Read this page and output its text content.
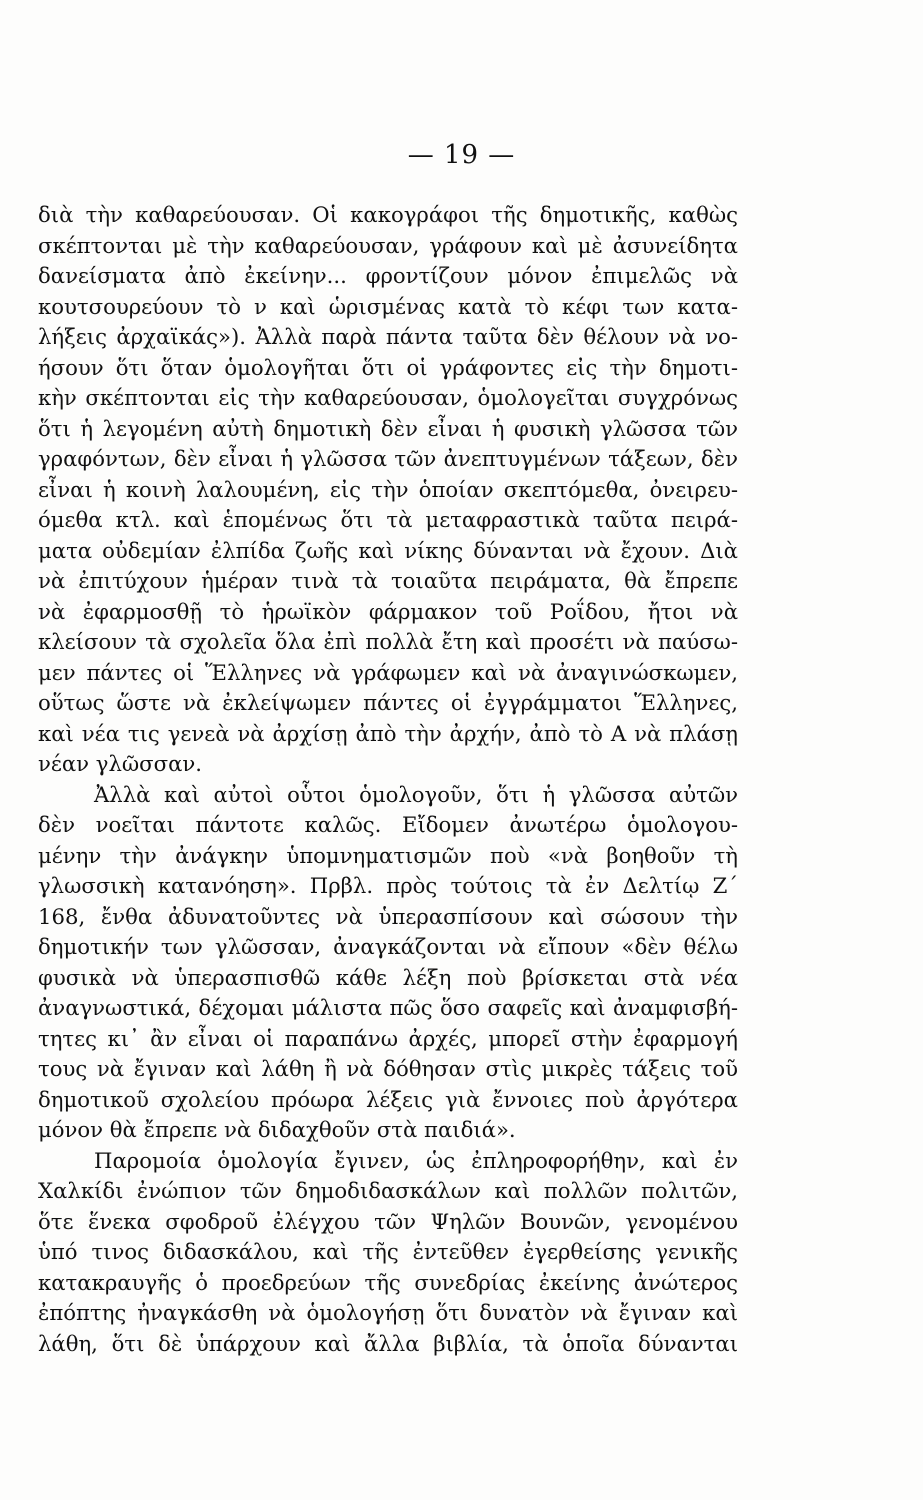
— 19 —
διὰ τὴν καθαρεύουσαν. Οἱ κακογράφοι τῆς δημοτικῆς, καθὼς
σκέπτονται μὲ τὴν καθαρεύουσαν, γράφουν καὶ μὲ ἀσυνείδητα
δανείσματα ἀπὸ ἐκείνην... φροντίζουν μόνον ἐπιμελῶς νὰ
κουτσουρεύουν τὸ ν καὶ ὡρισμένας κατὰ τὸ κέφι των κατα-
λήξεις ἀρχαϊκάς»). Ἀλλὰ παρὰ πάντα ταῦτα δὲν θέλουν νὰ νο-
ήσουν ὅτι ὅταν ὁμολογῆται ὅτι οἱ γράφοντες εἰς τὴν δημοτι-
κὴν σκέπτονται εἰς τὴν καθαρεύουσαν, ὁμολογεῖται συγχρόνως
ὅτι ἡ λεγομένη αὐτὴ δημοτικὴ δὲν εἶναι ἡ φυσικὴ γλῶσσα τῶν
γραφόντων, δὲν εἶναι ἡ γλῶσσα τῶν ἀνεπτυγμένων τάξεων, δὲν
εἶναι ἡ κοινὴ λαλουμένη, εἰς τὴν ὁποίαν σκεπτόμεθα, ὀνειρευ-
όμεθα κτλ. καὶ ἑπομένως ὅτι τὰ μεταφραστικὰ ταῦτα πειρά-
ματα οὐδεμίαν ἐλπίδα ζωῆς καὶ νίκης δύνανται νὰ ἔχουν. Διὰ
νὰ ἐπιτύχουν ἡμέραν τινὰ τὰ τοιαῦτα πειράματα, θὰ ἔπρεπε
νὰ ἐφαρμοσθῇ τὸ ἡρωϊκὸν φάρμακον τοῦ Ροΐδου, ἤτοι νὰ
κλείσουν τὰ σχολεῖα ὅλα ἐπὶ πολλὰ ἔτη καὶ προσέτι νὰ παύσω-
μεν πάντες οἱ Ἕλληνες νὰ γράφωμεν καὶ νὰ ἀναγινώσκωμεν,
οὕτως ὥστε νὰ ἐκλείψωμεν πάντες οἱ ἐγγράμματοι Ἕλληνες,
καὶ νέα τις γενεὰ νὰ ἀρχίσῃ ἀπὸ τὴν ἀρχήν, ἀπὸ τὸ Α νὰ πλάσῃ
νέαν γλῶσσαν.
Ἀλλὰ καὶ αὐτοὶ οὗτοι ὁμολογοῦν, ὅτι ἡ γλῶσσα αὐτῶν
δὲν νοεῖται πάντοτε καλῶς. Εἴδομεν ἀνωτέρω ὁμολογου-
μένην τὴν ἀνάγκην ὑπομνηματισμῶν ποὺ «νὰ βοηθοῦν τὴ
γλωσσικὴ κατανόηση». Πρβλ. πρὸς τούτοις τὰ ἐν Δελτίῳ Ζ΄
168, ἔνθα ἀδυνατοῦντες νὰ ὑπερασπίσουν καὶ σώσουν τὴν
δημοτικήν των γλῶσσαν, ἀναγκάζονται νὰ εἴπουν «δὲν θέλω
φυσικὰ νὰ ὑπερασπισθῶ κάθε λέξη ποὺ βρίσκεται στὰ νέα
ἀναγνωστικά, δέχομαι μάλιστα πῶς ὅσο σαφεῖς καὶ ἀναμφισβή-
τητες κι᾽ ἂν εἶναι οἱ παραπάνω ἀρχές, μπορεῖ στὴν ἐφαρμογή
τους νὰ ἔγιναν καὶ λάθη ἢ νὰ δόθησαν στὶς μικρὲς τάξεις τοῦ
δημοτικοῦ σχολείου πρόωρα λέξεις γιὰ ἔννοιες ποὺ ἀργότερα
μόνον θὰ ἔπρεπε νὰ διδαχθοῦν στὰ παιδιά».
Παρομοία ὁμολογία ἔγινεν, ὡς ἐπληροφορήθην, καὶ ἐν
Χαλκίδι ἐνώπιον τῶν δημοδιδασκάλων καὶ πολλῶν πολιτῶν,
ὅτε ἕνεκα σφοδροῦ ἐλέγχου τῶν Ψηλῶν Βουνῶν, γενομένου
ὑπό τινος διδασκάλου, καὶ τῆς ἐντεῦθεν ἐγερθείσης γενικῆς
κατακραυγῆς ὁ προεδρεύων τῆς συνεδρίας ἐκείνης ἀνώτερος
ἐπόπτης ἠναγκάσθη νὰ ὁμολογήσῃ ὅτι δυνατὸν νὰ ἔγιναν καὶ
λάθη, ὅτι δὲ ὑπάρχουν καὶ ἄλλα βιβλία, τὰ ὁποῖα δύνανται
